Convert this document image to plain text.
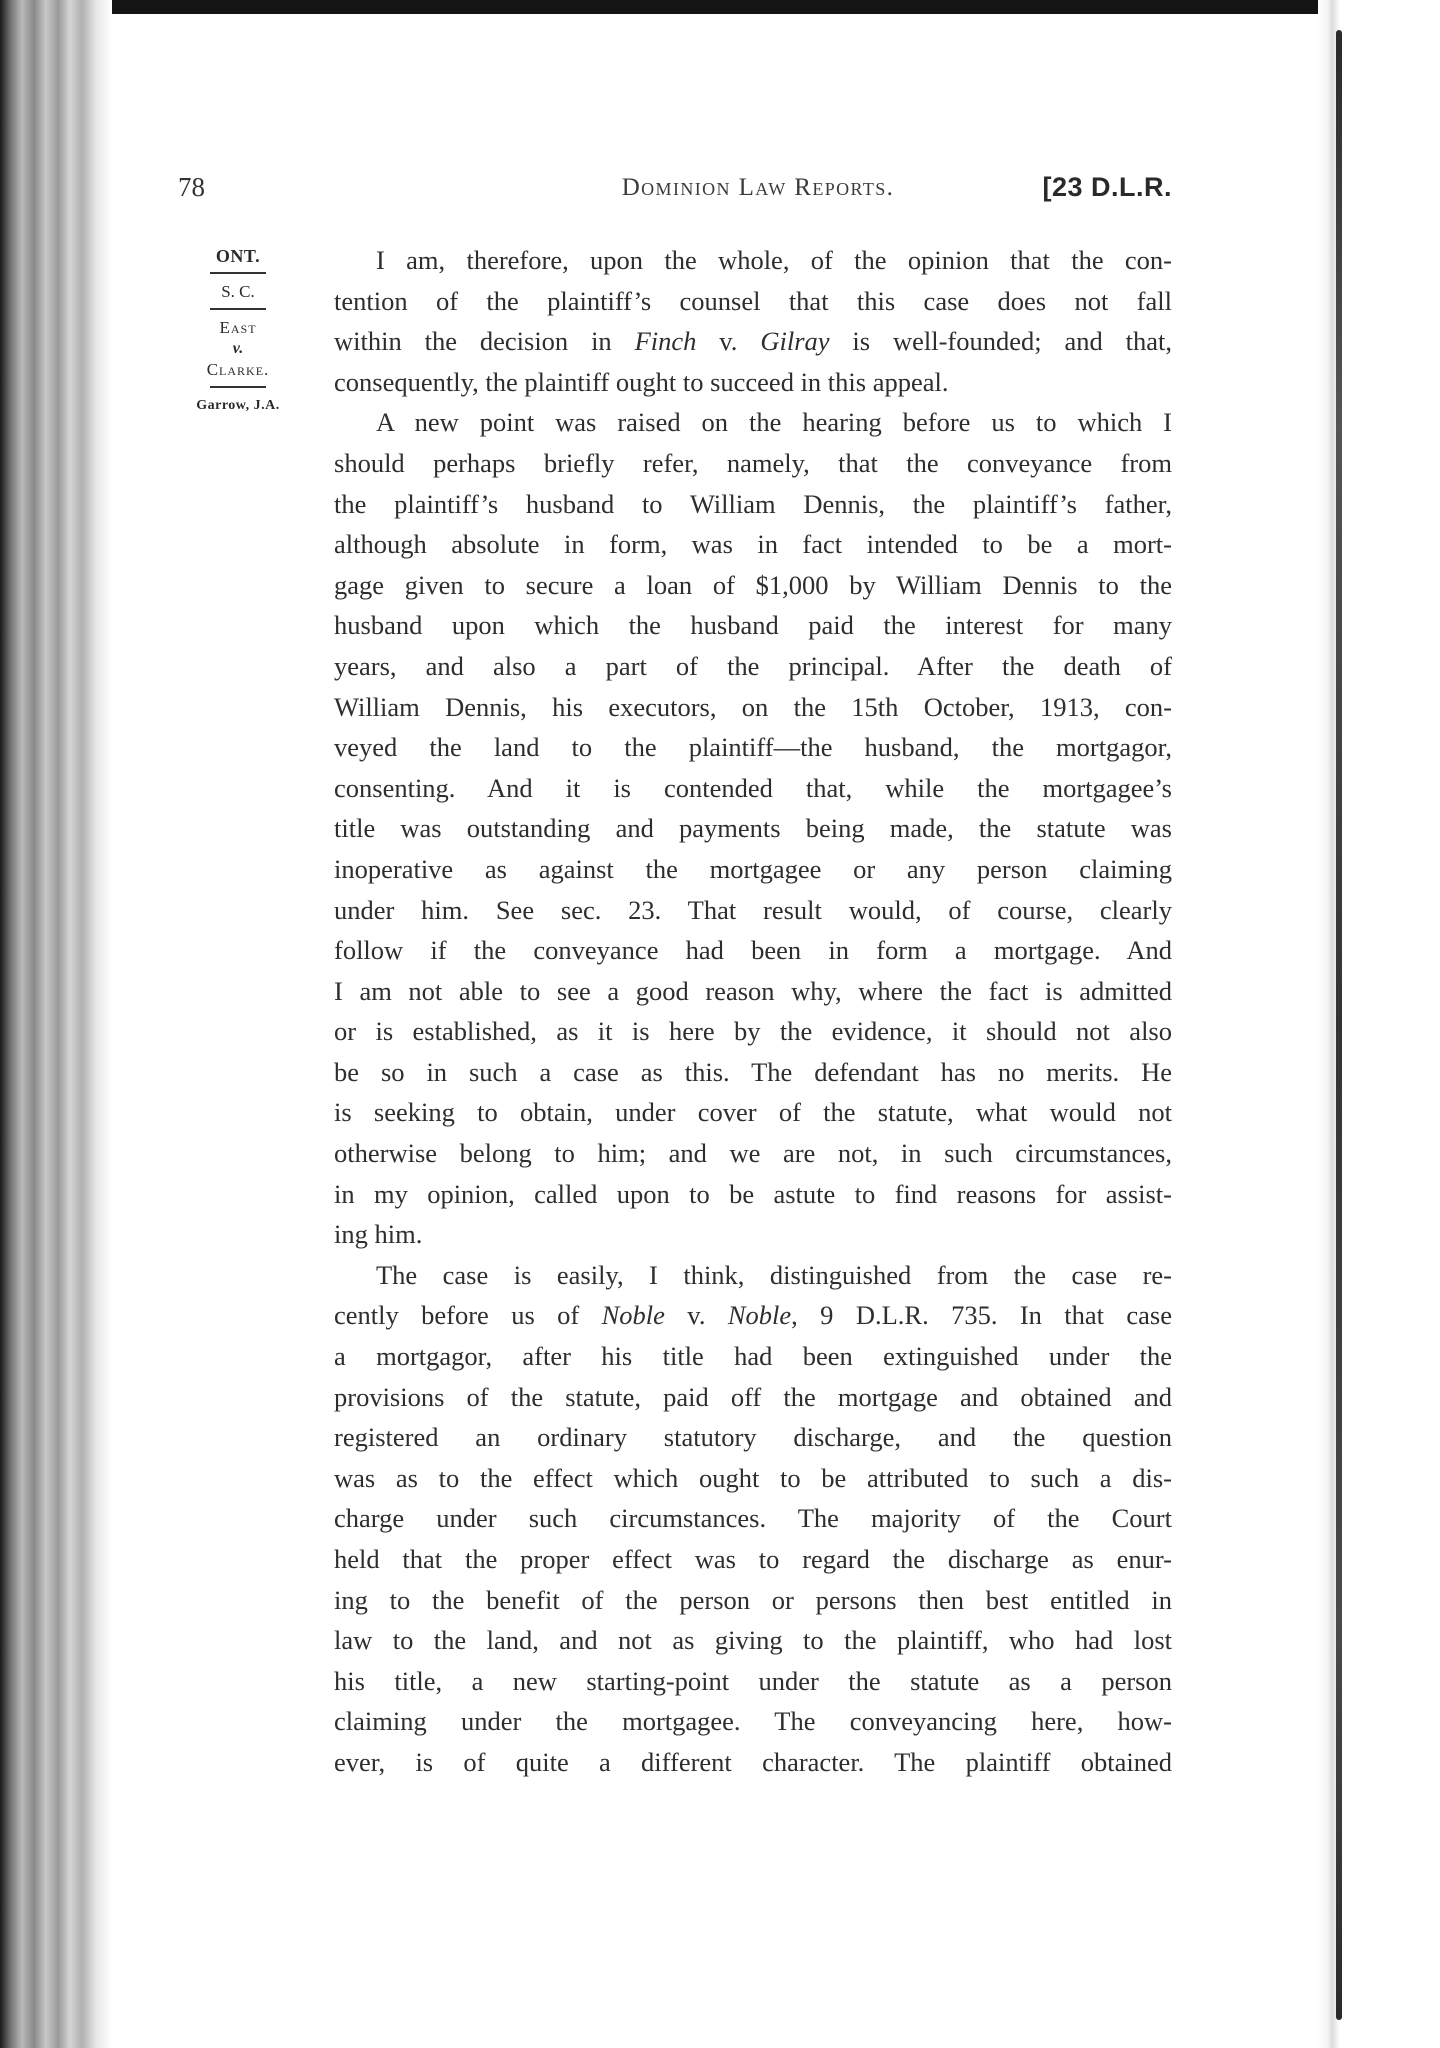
78	Dominion Law Reports.	[23 D.L.R.
ONT.
S. C.
East
v.
Clarke.
Garrow, J.A.
I am, therefore, upon the whole, of the opinion that the con-
tention of the plaintiff’s counsel that this case does not fall
within the decision in Finch v. Gilray is well-founded; and that,
consequently, the plaintiff ought to succeed in this appeal.
A new point was raised on the hearing before us to which I
should perhaps briefly refer, namely, that the conveyance from
the plaintiff’s husband to William Dennis, the plaintiff’s father,
although absolute in form, was in fact intended to be a mort-
gage given to secure a loan of $1,000 by William Dennis to the
husband upon which the husband paid the interest for many
years, and also a part of the principal. After the death of
William Dennis, his executors, on the 15th October, 1913, con-
veyed the land to the plaintiff—the husband, the mortgagor,
consenting. And it is contended that, while the mortgagee’s
title was outstanding and payments being made, the statute was
inoperative as against the mortgagee or any person claiming
under him. See sec. 23. That result would, of course, clearly
follow if the conveyance had been in form a mortgage. And
I am not able to see a good reason why, where the fact is admitted
or is established, as it is here by the evidence, it should not also
be so in such a case as this. The defendant has no merits. He
is seeking to obtain, under cover of the statute, what would not
otherwise belong to him; and we are not, in such circumstances,
in my opinion, called upon to be astute to find reasons for assist-
ing him.
The case is easily, I think, distinguished from the case re-
cently before us of Noble v. Noble, 9 D.L.R. 735. In that case
a mortgagor, after his title had been extinguished under the
provisions of the statute, paid off the mortgage and obtained and
registered an ordinary statutory discharge, and the question
was as to the effect which ought to be attributed to such a dis-
charge under such circumstances. The majority of the Court
held that the proper effect was to regard the discharge as enur-
ing to the benefit of the person or persons then best entitled in
law to the land, and not as giving to the plaintiff, who had lost
his title, a new starting-point under the statute as a person
claiming under the mortgagee. The conveyancing here, how-
ever, is of quite a different character. The plaintiff obtained
